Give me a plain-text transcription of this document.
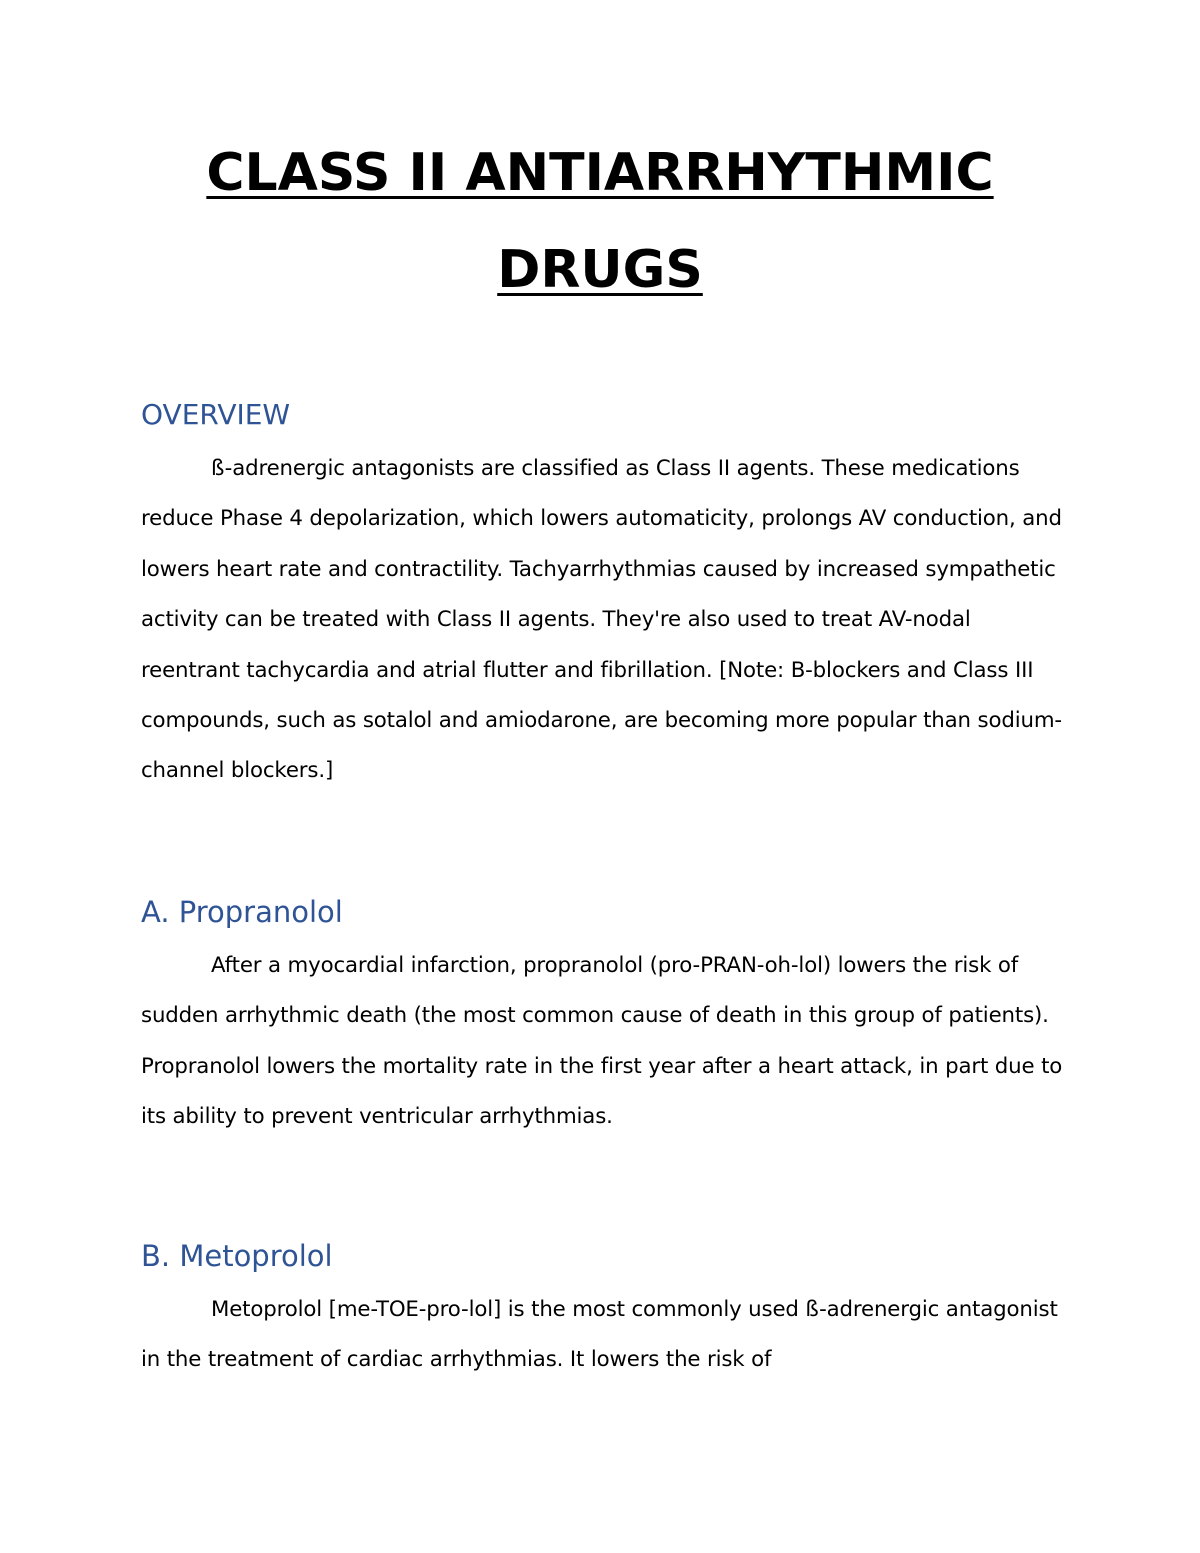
CLASS II ANTIARRHYTHMIC
DRUGS
OVERVIEW

ß-adrenergic antagonists are classified as Class II agents. These medications reduce Phase 4 depolarization, which lowers automaticity, prolongs AV conduction, and lowers heart rate and contractility. Tachyarrhythmias caused by increased sympathetic activity can be treated with Class II agents. They're also used to treat AV-nodal reentrant tachycardia and atrial flutter and fibrillation. [Note: B-blockers and Class III compounds, such as sotalol and amiodarone, are becoming more popular than sodium-channel blockers.]

A. Propranolol

After a myocardial infarction, propranolol (pro-PRAN-oh-lol) lowers the risk of sudden arrhythmic death (the most common cause of death in this group of patients). Propranolol lowers the mortality rate in the first year after a heart attack, in part due to its ability to prevent ventricular arrhythmias.

B. Metoprolol

Metoprolol [me-TOE-pro-lol] is the most commonly used ß-adrenergic antagonist in the treatment of cardiac arrhythmias. It lowers the risk of
